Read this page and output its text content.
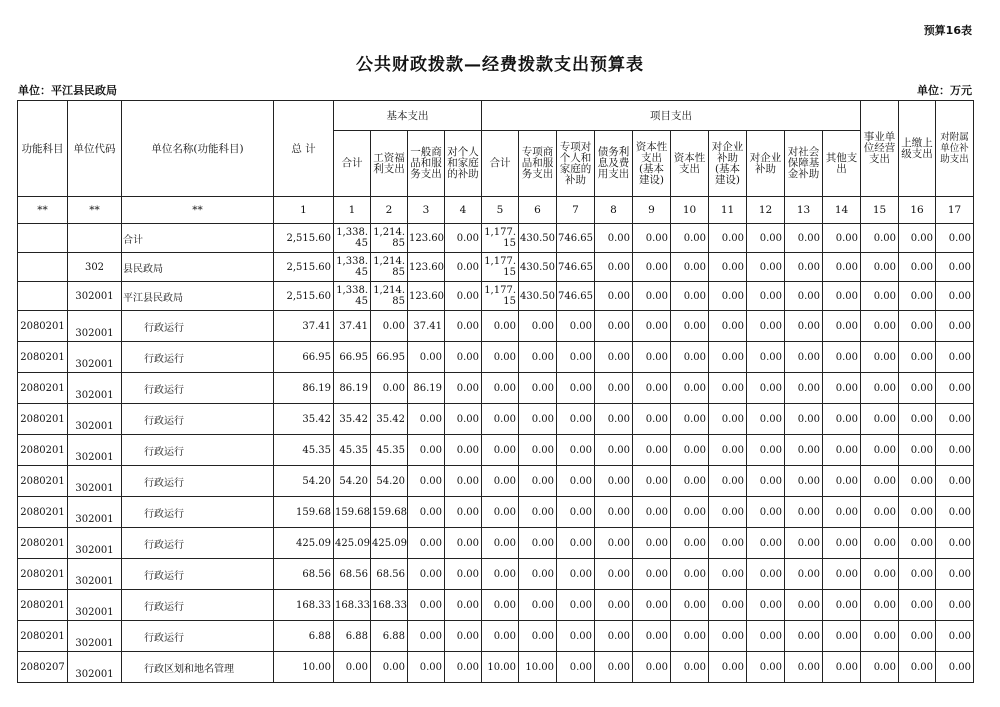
预算16表
公共财政拨款—经费拨款支出预算表
单位：平江县民政局	单位：万元
功能科目	单位代码	单位名称(功能科目)	总 计	基本支出				项目支出										事业单位经营支出	上缴上级支出	对附属单位补助支出
				合计	工资福利支出	一般商品和服务支出	对个人和家庭的补助	合计	专项商品和服务支出	专项对个人和家庭的补助	债务利息及费用支出	资本性支出(基本建设)	资本性支出	对企业补助(基本建设)	对企业补助	对社会保障基金补助	其他支出			
**	**	**	1	1	2	3	4	5	6	7	8	9	10	11	12	13	14	15	16	17
		合计	2,515.60	1,338.45	1,214.85	123.60	0.00	1,177.15	430.50	746.65	0.00	0.00	0.00	0.00	0.00	0.00	0.00	0.00	0.00	0.00
	302	县民政局	2,515.60	1,338.45	1,214.85	123.60	0.00	1,177.15	430.50	746.65	0.00	0.00	0.00	0.00	0.00	0.00	0.00	0.00	0.00	0.00
	302001	平江县民政局	2,515.60	1,338.45	1,214.85	123.60	0.00	1,177.15	430.50	746.65	0.00	0.00	0.00	0.00	0.00	0.00	0.00	0.00	0.00	0.00
2080201	302001	行政运行	37.41	37.41	0.00	37.41	0.00	0.00	0.00	0.00	0.00	0.00	0.00	0.00	0.00	0.00	0.00	0.00	0.00	0.00
2080201	302001	行政运行	66.95	66.95	66.95	0.00	0.00	0.00	0.00	0.00	0.00	0.00	0.00	0.00	0.00	0.00	0.00	0.00	0.00	0.00
2080201	302001	行政运行	86.19	86.19	0.00	86.19	0.00	0.00	0.00	0.00	0.00	0.00	0.00	0.00	0.00	0.00	0.00	0.00	0.00	0.00
2080201	302001	行政运行	35.42	35.42	35.42	0.00	0.00	0.00	0.00	0.00	0.00	0.00	0.00	0.00	0.00	0.00	0.00	0.00	0.00	0.00
2080201	302001	行政运行	45.35	45.35	45.35	0.00	0.00	0.00	0.00	0.00	0.00	0.00	0.00	0.00	0.00	0.00	0.00	0.00	0.00	0.00
2080201	302001	行政运行	54.20	54.20	54.20	0.00	0.00	0.00	0.00	0.00	0.00	0.00	0.00	0.00	0.00	0.00	0.00	0.00	0.00	0.00
2080201	302001	行政运行	159.68	159.68	159.68	0.00	0.00	0.00	0.00	0.00	0.00	0.00	0.00	0.00	0.00	0.00	0.00	0.00	0.00	0.00
2080201	302001	行政运行	425.09	425.09	425.09	0.00	0.00	0.00	0.00	0.00	0.00	0.00	0.00	0.00	0.00	0.00	0.00	0.00	0.00	0.00
2080201	302001	行政运行	68.56	68.56	68.56	0.00	0.00	0.00	0.00	0.00	0.00	0.00	0.00	0.00	0.00	0.00	0.00	0.00	0.00	0.00
2080201	302001	行政运行	168.33	168.33	168.33	0.00	0.00	0.00	0.00	0.00	0.00	0.00	0.00	0.00	0.00	0.00	0.00	0.00	0.00	0.00
2080201	302001	行政运行	6.88	6.88	6.88	0.00	0.00	0.00	0.00	0.00	0.00	0.00	0.00	0.00	0.00	0.00	0.00	0.00	0.00	0.00
2080207	302001	行政区划和地名管理	10.00	0.00	0.00	0.00	0.00	10.00	10.00	0.00	0.00	0.00	0.00	0.00	0.00	0.00	0.00	0.00	0.00	0.00
